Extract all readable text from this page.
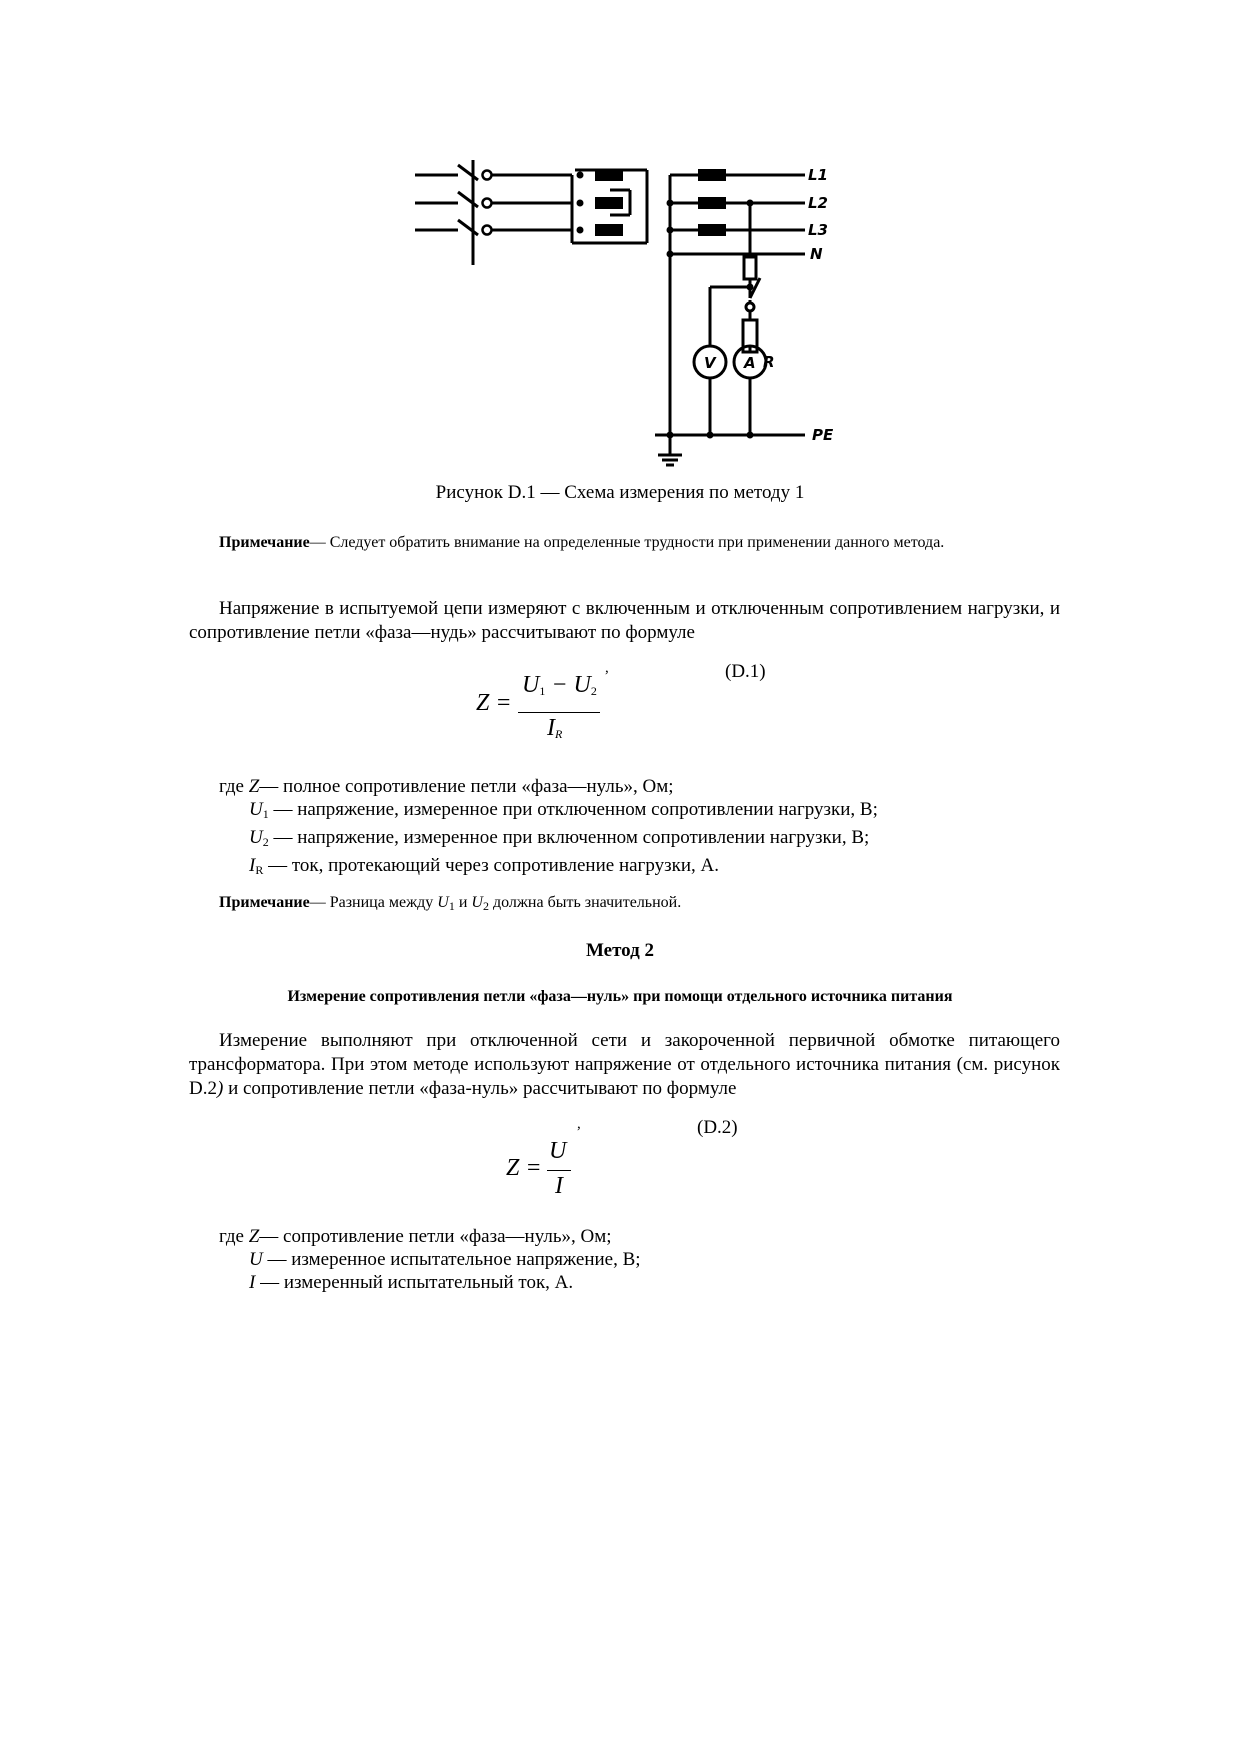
L1
L2
L3
N
R
V A
PE
Рисунок D.1 — Схема измерения по методу 1
Примечание— Следует обратить внимание на определенные трудности при применении данного метода.
Напряжение в испытуемой цепи измеряют с включенным и отключенным сопротивлением нагрузки, и сопротивление петли «фаза—нудь» рассчитывают по формуле
Z =
$U_1 - U_2$
$I_R$
,	(D.1)
где Z— полное сопротивление петли «фаза—нуль», Ом;
$U_1$ — напряжение, измеренное при отключенном сопротивлении нагрузки, В;
$U_2$ — напряжение, измеренное при включенном сопротивлении нагрузки, В;
$I_R$ — ток, протекающий через сопротивление нагрузки, А.
Примечание— Разница между $U_1$ и $U_2$ должна быть значительной.
Метод 2
Измерение сопротивления петли «фаза—нуль» при помощи отдельного источника питания
Измерение выполняют при отключенной сети и закороченной первичной обмотке питающего трансформатора. При этом методе используют напряжение от отдельного источника питания (см. рисунок D.2) и сопротивление петли «фаза-нуль» рассчитывают по формуле
Z =
U
I
,	(D.2)
где Z— сопротивление петли «фаза—нуль», Ом;
U — измеренное испытательное напряжение, В;
I — измеренный испытательный ток, А.
